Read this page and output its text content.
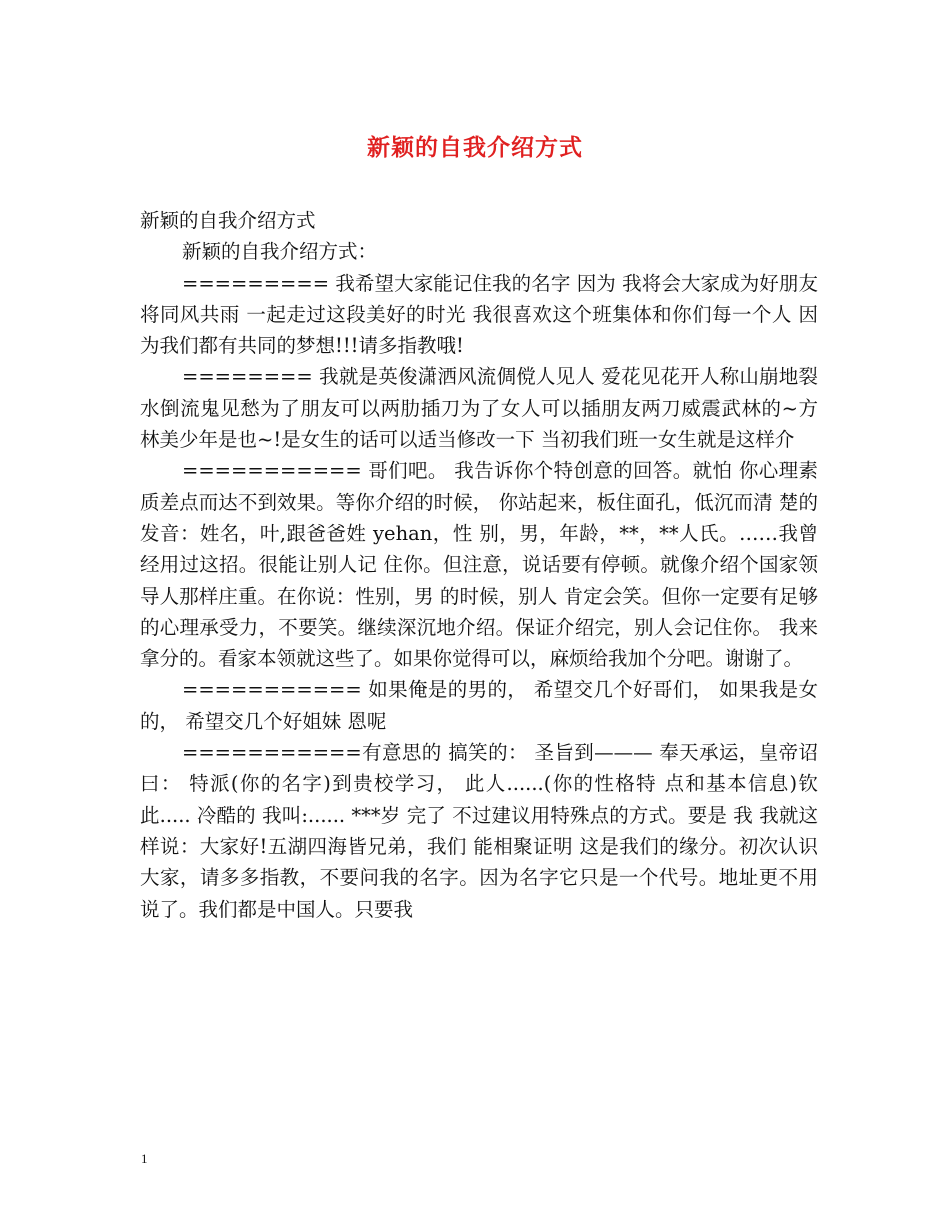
新颖的自我介绍方式

新颖的自我介绍方式

新颖的自我介绍方式：

========= 我希望大家能记住我的名字 因为 我将会大家成为好朋友 将同风共雨 一起走过这段美好的时光 我很喜欢这个班集体和你们每一个人 因为我们都有共同的梦想!!!请多指教哦!

======== 我就是英俊潇洒风流倜傥人见人 爱花见花开人称山崩地裂水倒流鬼见愁为了朋友可以两肋插刀为了女人可以插朋友两刀威震武林的~方林美少年是也~!是女生的话可以适当修改一下 当初我们班一女生就是这样介

=========== 哥们吧。 我告诉你个特创意的回答。就怕 你心理素质差点而达不到效果。等你介绍的时候， 你站起来，板住面孔，低沉而清 楚的发音：姓名，叶,跟爸爸姓 yehan，性 别，男，年龄，**，**人氏。……我曾经用过这招。很能让别人记 住你。但注意，说话要有停顿。就像介绍个国家领导人那样庄重。在你说：性别，男 的时候，别人 肯定会笑。但你一定要有足够的心理承受力，不要笑。继续深沉地介绍。保证介绍完，别人会记住你。 我来拿分的。看家本领就这些了。如果你觉得可以，麻烦给我加个分吧。谢谢了。

=========== 如果俺是的男的， 希望交几个好哥们， 如果我是女的， 希望交几个好姐妹 恩呢

===========有意思的 搞笑的： 圣旨到——— 奉天承运，皇帝诏曰： 特派(你的名字)到贵校学习， 此人......(你的性格特 点和基本信息)钦此..... 冷酷的 我叫:...... ***岁 完了 不过建议用特殊点的方式。要是 我 我就这样说：大家好!五湖四海皆兄弟，我们 能相聚证明 这是我们的缘分。初次认识大家，请多多指教，不要问我的名字。因为名字它只是一个代号。地址更不用说了。我们都是中国人。只要我

1
